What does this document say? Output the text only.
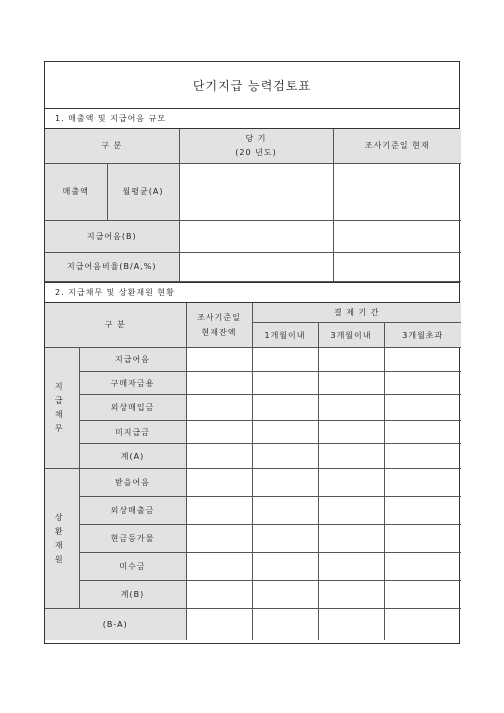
단기지급 능력검토표
1. 매출액 및 지급어음 규모
구 분		당 기
(20 년도)	조사기준일 현재
매출액	월평균(A)		
지급어음(B)			
지급어음비율(B/A,%)			
2. 지급채무 및 상환재원 현황
구 분		조사기준일
현재잔액	결 제 기 간		
			1개월이내	3개월이내	3개월초과

지 급
채 무	지급어음				
	구매자금용				
	외상매입금				
	미지급금				
	계(A)				

상 환
재 원	받을어음				
	외상매출금				
	현금등가물				
	미수금				
	계(B)				
(B-A)					
